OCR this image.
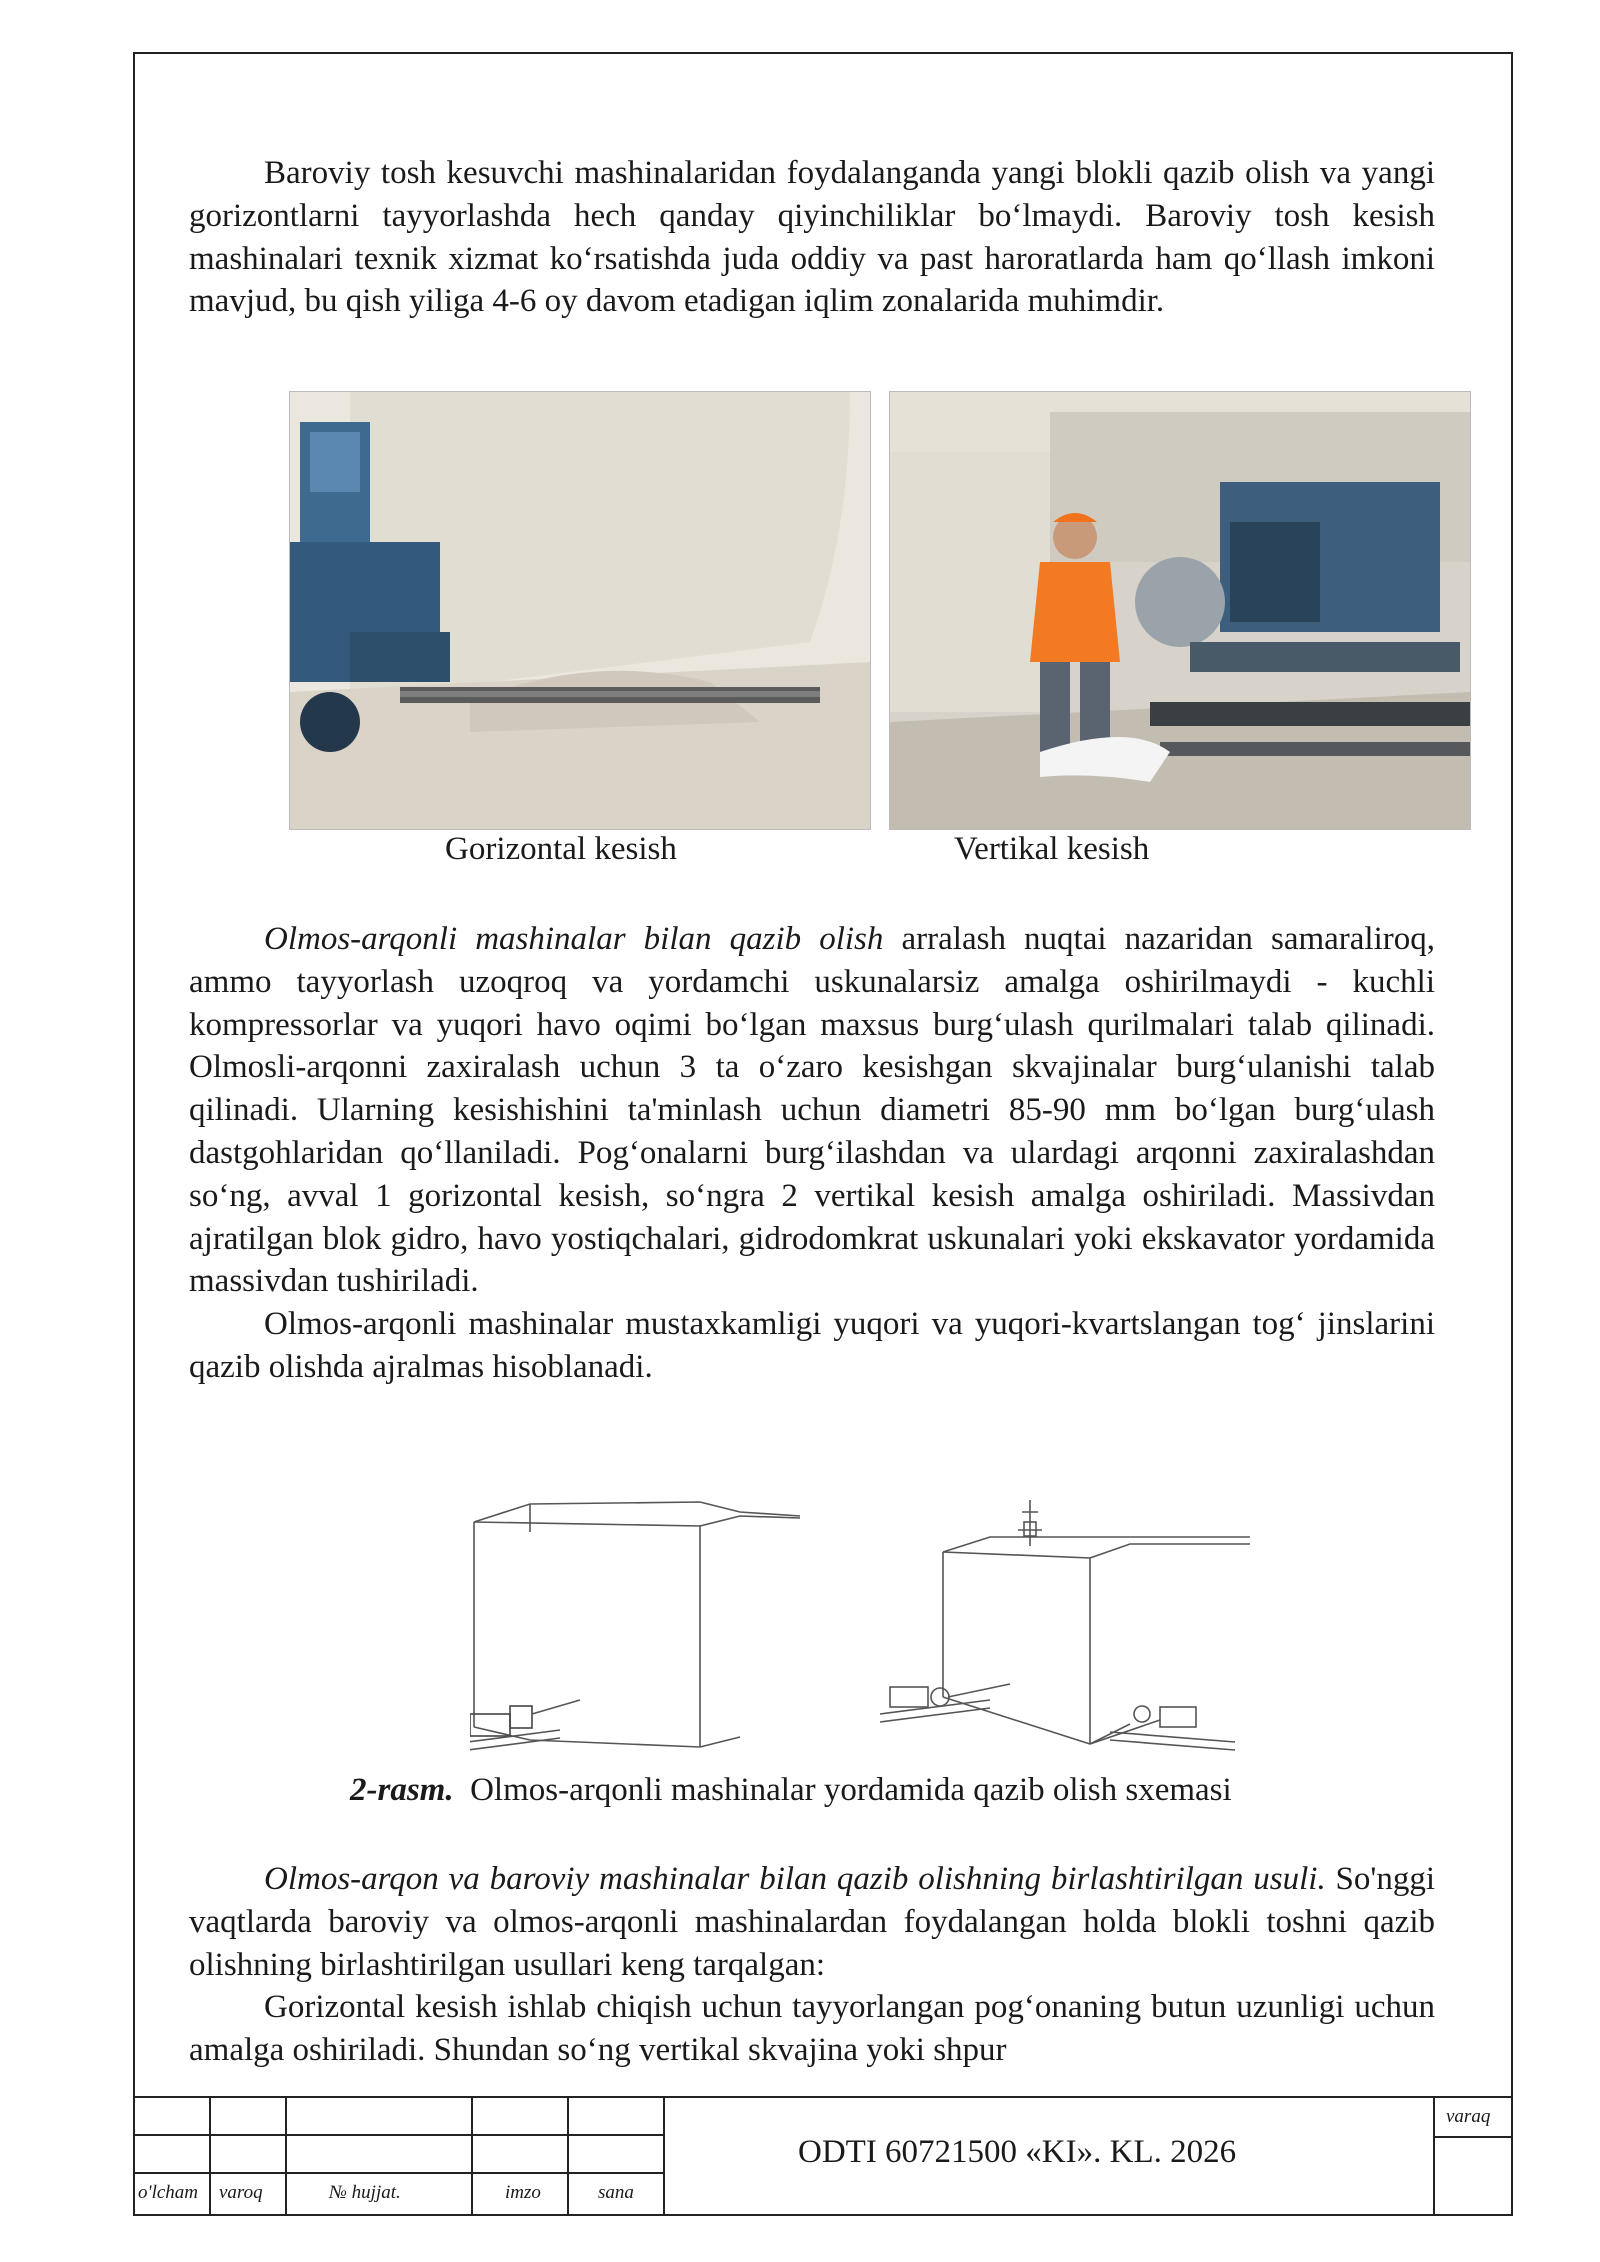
Baroviy tosh kesuvchi mashinalaridan foydalanganda yangi blokli qazib olish va yangi gorizontlarni tayyorlashda hech qanday qiyinchiliklar boʻlmaydi. Baroviy tosh kesish mashinalari texnik xizmat koʻrsatishda juda oddiy va past haroratlarda ham qoʻllash imkoni mavjud, bu qish yiliga 4-6 oy davom etadigan iqlim zonalarida muhimdir.

Gorizontal kesish	Vertikal kesish

Olmos-arqonli mashinalar bilan qazib olish arralash nuqtai nazaridan samaraliroq, ammo tayyorlash uzoqroq va yordamchi uskunalarsiz amalga oshirilmaydi - kuchli kompressorlar va yuqori havo oqimi boʻlgan maxsus burgʻulash qurilmalari talab qilinadi. Olmosli-arqonni zaxiralash uchun 3 ta oʻzaro kesishgan skvajinalar burgʻulanishi talab qilinadi. Ularning kesishishini ta'minlash uchun diametri 85-90 mm boʻlgan burgʻulash dastgohlaridan qoʻllaniladi. Pogʻonalarni burgʻilashdan va ulardagi arqonni zaxiralashdan soʻng, avval 1 gorizontal kesish, soʻngra 2 vertikal kesish amalga oshiriladi. Massivdan ajratilgan blok gidro, havo yostiqchalari, gidrodomkrat uskunalari yoki ekskavator yordamida massivdan tushiriladi.

Olmos-arqonli mashinalar mustaxkamligi yuqori va yuqori-kvartslangan togʻ jinslarini qazib olishda ajralmas hisoblanadi.

2-rasm. Olmos-arqonli mashinalar yordamida qazib olish sxemasi

Olmos-arqon va baroviy mashinalar bilan qazib olishning birlashtirilgan usuli. So'nggi vaqtlarda baroviy va olmos-arqonli mashinalardan foydalangan holda blokli toshni qazib olishning birlashtirilgan usullari keng tarqalgan:

Gorizontal kesish ishlab chiqish uchun tayyorlangan pogʻonaning butun uzunligi uchun amalga oshiriladi. Shundan soʻng vertikal skvajina yoki shpur

o'lcham varoq	№ hujjat.	imzo	sana
ODTI 60721500 «KI». KL. 2026
varaq
